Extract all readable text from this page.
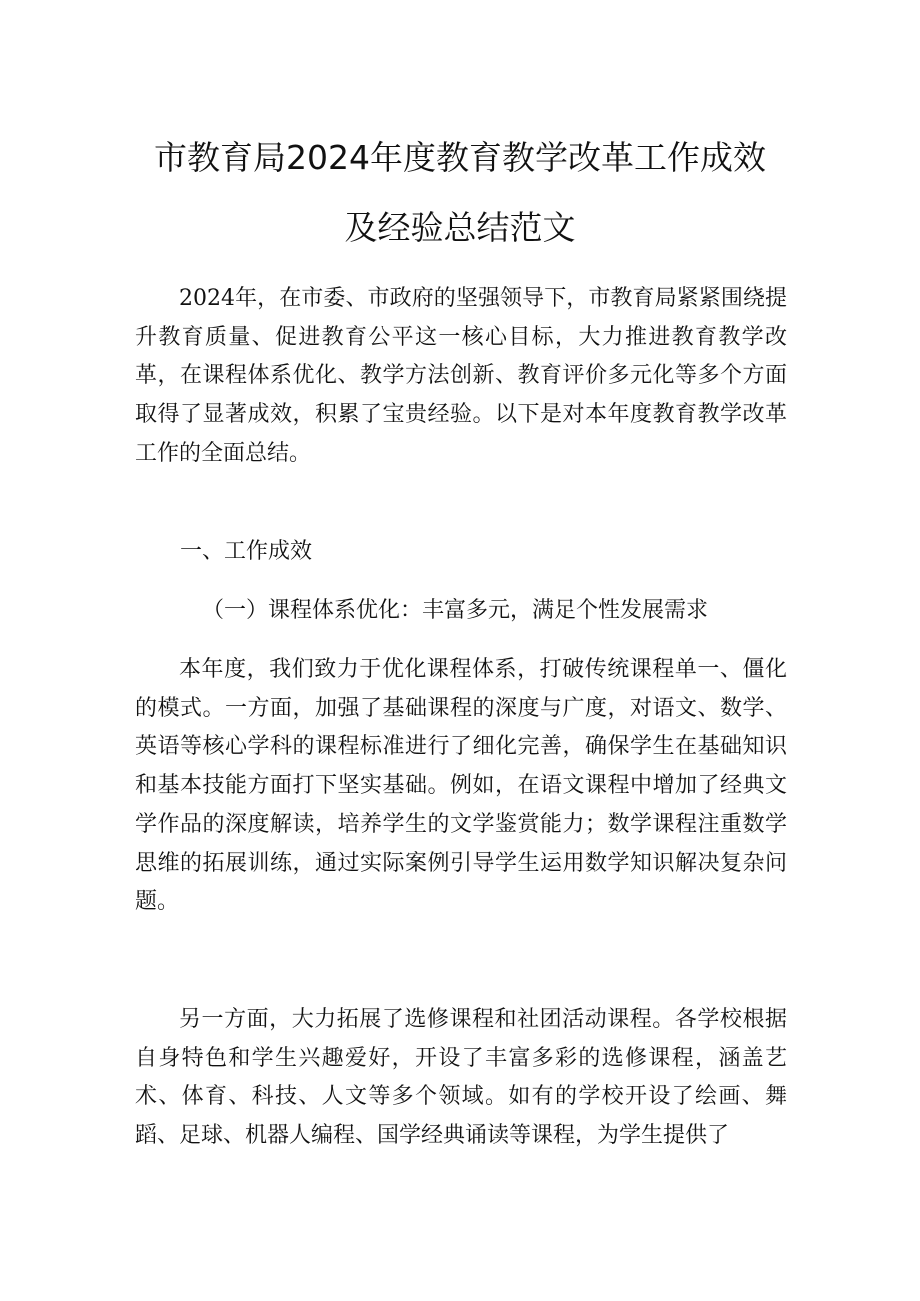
市教育局2024年度教育教学改革工作成效
及经验总结范文

2024年，在市委、市政府的坚强领导下，市教育局紧紧围绕提升教育质量、促进教育公平这一核心目标，大力推进教育教学改革，在课程体系优化、教学方法创新、教育评价多元化等多个方面取得了显著成效，积累了宝贵经验。以下是对本年度教育教学改革工作的全面总结。

一、工作成效

（一）课程体系优化：丰富多元，满足个性发展需求

本年度，我们致力于优化课程体系，打破传统课程单一、僵化的模式。一方面，加强了基础课程的深度与广度，对语文、数学、英语等核心学科的课程标准进行了细化完善，确保学生在基础知识和基本技能方面打下坚实基础。例如，在语文课程中增加了经典文学作品的深度解读，培养学生的文学鉴赏能力；数学课程注重数学思维的拓展训练，通过实际案例引导学生运用数学知识解决复杂问题。

另一方面，大力拓展了选修课程和社团活动课程。各学校根据自身特色和学生兴趣爱好，开设了丰富多彩的选修课程，涵盖艺术、体育、科技、人文等多个领域。如有的学校开设了绘画、舞蹈、足球、机器人编程、国学经典诵读等课程，为学生提供了
